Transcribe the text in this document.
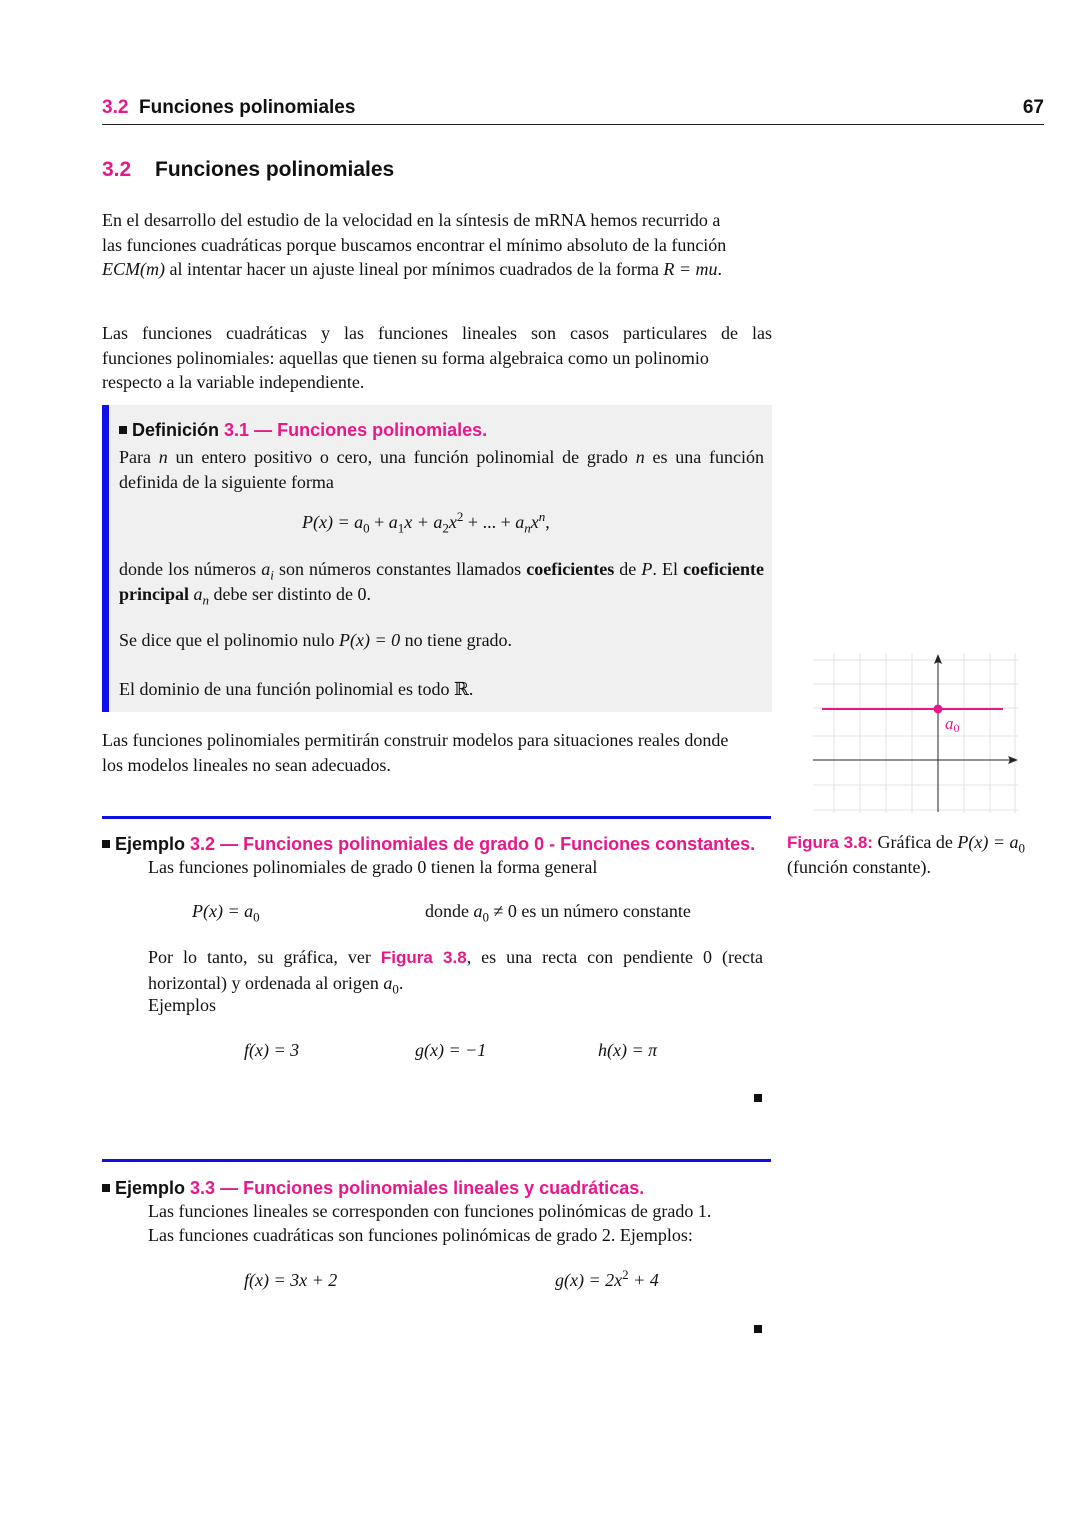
3.2 Funciones polinomiales	67
3.2 Funciones polinomiales
En el desarrollo del estudio de la velocidad en la síntesis de mRNA hemos recurrido a
las funciones cuadráticas porque buscamos encontrar el mínimo absoluto de la función
ECM(m) al intentar hacer un ajuste lineal por mínimos cuadrados de la forma R = mu.
Las funciones cuadráticas y las funciones lineales son casos particulares de las
funciones polinomiales: aquellas que tienen su forma algebraica como un polinomio
respecto a la variable independiente.
Definición 3.1 — Funciones polinomiales.
Para n un entero positivo o cero, una función polinomial de grado n es una función definida de la siguiente forma
$P(x) = a_0 + a_1x + a_2x^2$ + ... + $a_nx^n$,
donde los números $a_i$ son números constantes llamados coeficientes de P. El coeficiente principal $a_n$ debe ser distinto de 0.
Se dice que el polinomio nulo P(x) = 0 no tiene grado.
El dominio de una función polinomial es todo ℝ.
Las funciones polinomiales permitirán construir modelos para situaciones reales donde
los modelos lineales no sean adecuados.
Ejemplo 3.2 — Funciones polinomiales de grado 0 - Funciones constantes.
Las funciones polinomiales de grado 0 tienen la forma general
$P(x) = a_0$	donde $a_0 \ne 0$ es un número constante
Por lo tanto, su gráfica, ver Figura 3.8, es una recta con pendiente 0 (recta
horizontal) y ordenada al origen $a_0$.
Ejemplos
f(x) = 3	g(x) = −1	h(x) = π
Ejemplo 3.3 — Funciones polinomiales lineales y cuadráticas.
Las funciones lineales se corresponden con funciones polinómicas de grado 1.
Las funciones cuadráticas son funciones polinómicas de grado 2. Ejemplos:
f(x) = 3x + 2	$g(x) = 2x^2 + 4$
a0
Figura 3.8: Gráfica de $P(x) = a_0$
(función constante).
